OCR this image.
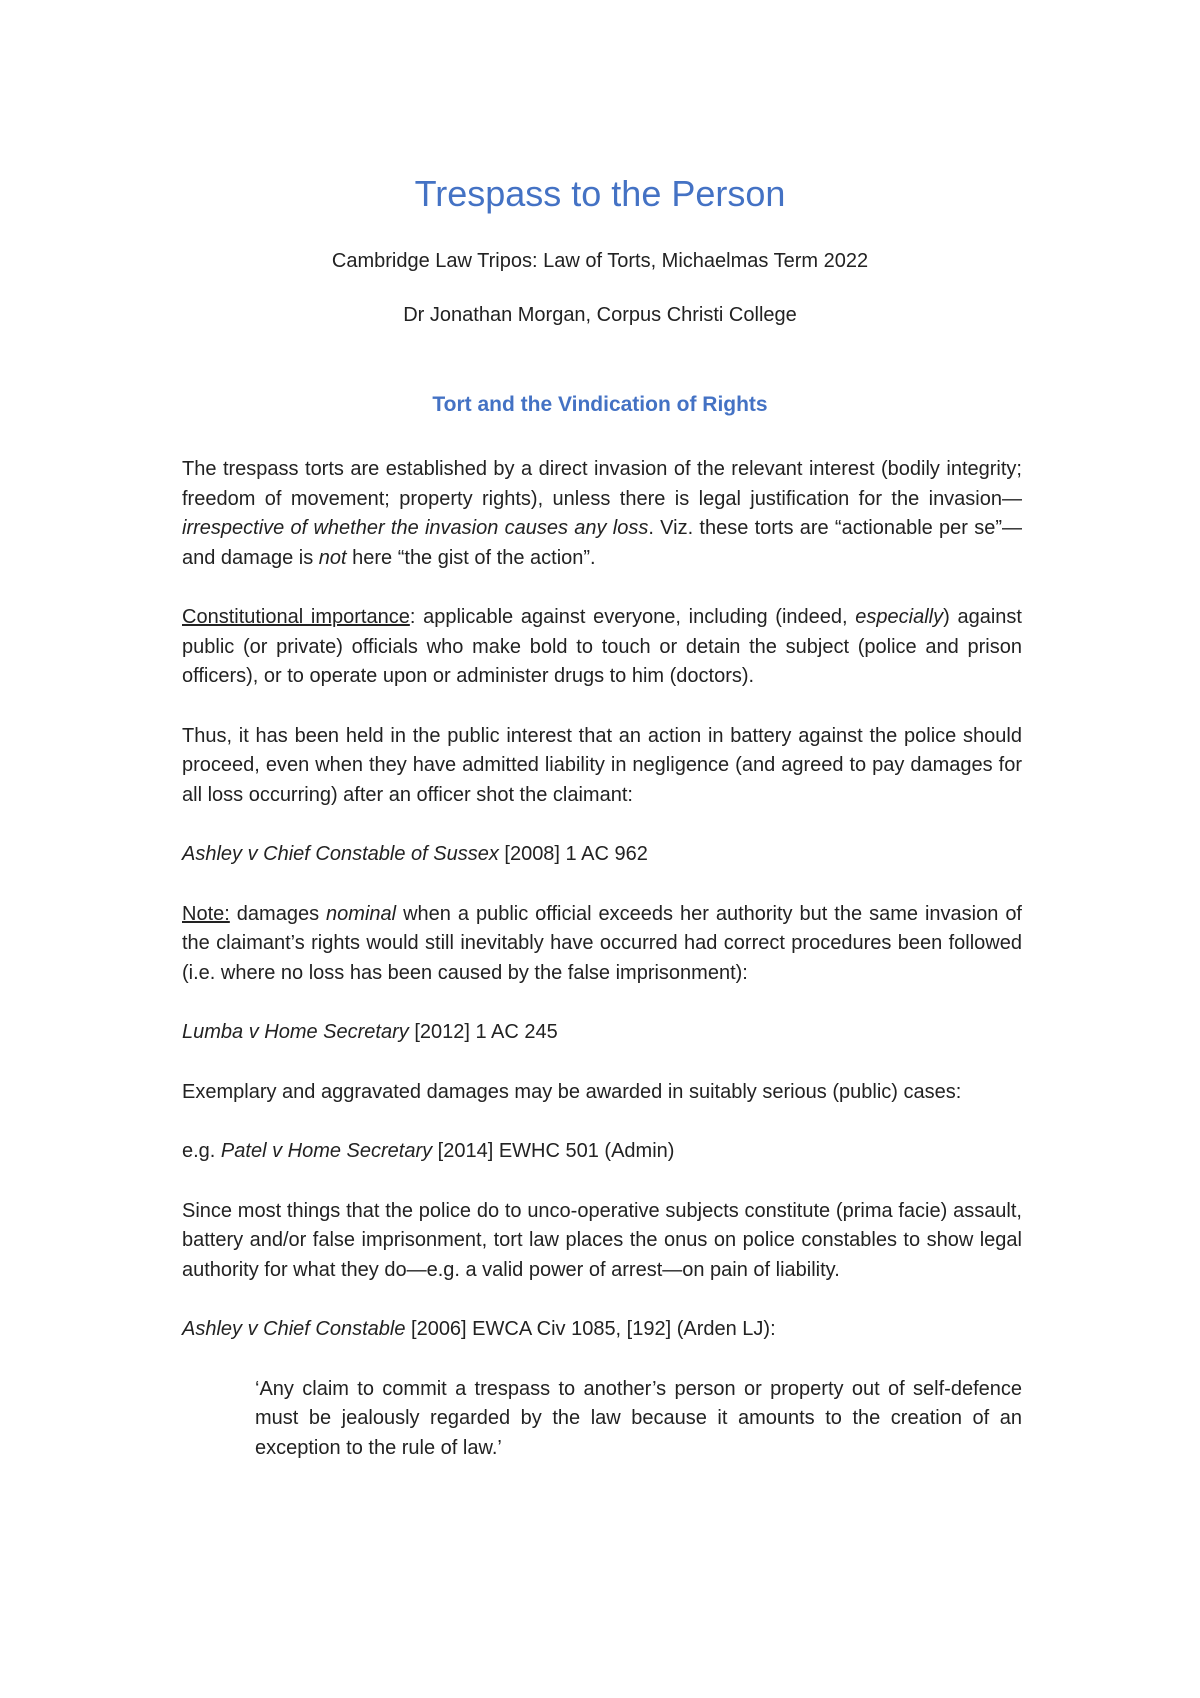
Trespass to the Person
Cambridge Law Tripos: Law of Torts, Michaelmas Term 2022
Dr Jonathan Morgan, Corpus Christi College
Tort and the Vindication of Rights

The trespass torts are established by a direct invasion of the relevant interest (bodily integrity; freedom of movement; property rights), unless there is legal justification for the invasion—irrespective of whether the invasion causes any loss. Viz. these torts are “actionable per se”— and damage is not here “the gist of the action”.

Constitutional importance: applicable against everyone, including (indeed, especially) against public (or private) officials who make bold to touch or detain the subject (police and prison officers), or to operate upon or administer drugs to him (doctors).

Thus, it has been held in the public interest that an action in battery against the police should proceed, even when they have admitted liability in negligence (and agreed to pay damages for all loss occurring) after an officer shot the claimant:

Ashley v Chief Constable of Sussex [2008] 1 AC 962

Note: damages nominal when a public official exceeds her authority but the same invasion of the claimant’s rights would still inevitably have occurred had correct procedures been followed (i.e. where no loss has been caused by the false imprisonment):

Lumba v Home Secretary [2012] 1 AC 245

Exemplary and aggravated damages may be awarded in suitably serious (public) cases:

e.g. Patel v Home Secretary [2014] EWHC 501 (Admin)

Since most things that the police do to unco-operative subjects constitute (prima facie) assault, battery and/or false imprisonment, tort law places the onus on police constables to show legal authority for what they do—e.g. a valid power of arrest—on pain of liability.

Ashley v Chief Constable [2006] EWCA Civ 1085, [192] (Arden LJ):

‘Any claim to commit a trespass to another’s person or property out of self-defence must be jealously regarded by the law because it amounts to the creation of an exception to the rule of law.’
